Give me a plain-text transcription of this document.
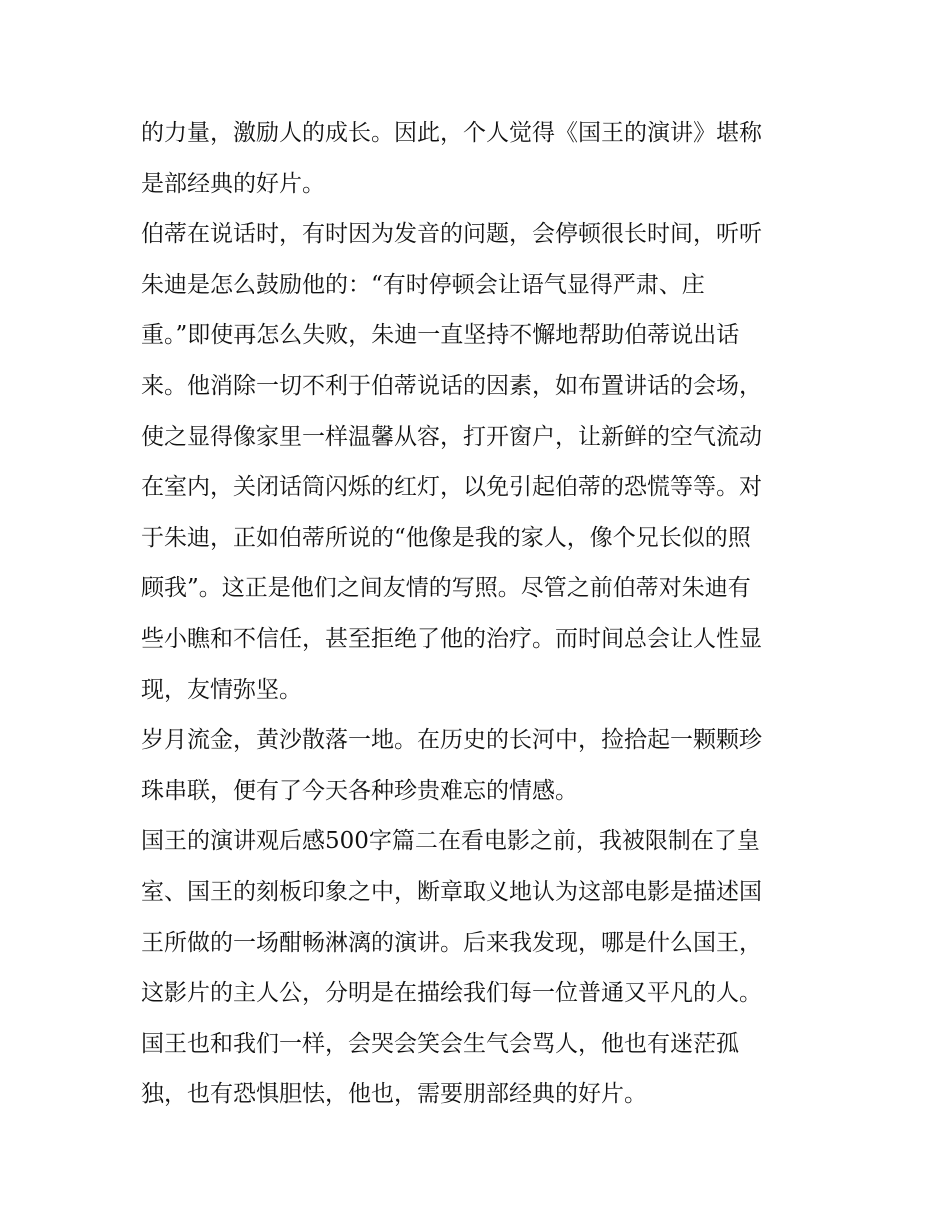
的力量，激励人的成长。因此，个人觉得《国王的演讲》堪称
是部经典的好片。
伯蒂在说话时，有时因为发音的问题，会停顿很长时间，听听
朱迪是怎么鼓励他的：“有时停顿会让语气显得严肃、庄
重。”即使再怎么失败，朱迪一直坚持不懈地帮助伯蒂说出话
来。他消除一切不利于伯蒂说话的因素，如布置讲话的会场，
使之显得像家里一样温馨从容，打开窗户，让新鲜的空气流动
在室内，关闭话筒闪烁的红灯，以免引起伯蒂的恐慌等等。对
于朱迪，正如伯蒂所说的“他像是我的家人，像个兄长似的照
顾我”。这正是他们之间友情的写照。尽管之前伯蒂对朱迪有
些小瞧和不信任，甚至拒绝了他的治疗。而时间总会让人性显
现，友情弥坚。
岁月流金，黄沙散落一地。在历史的长河中，捡拾起一颗颗珍
珠串联，便有了今天各种珍贵难忘的情感。
国王的演讲观后感500字篇二在看电影之前，我被限制在了皇
室、国王的刻板印象之中，断章取义地认为这部电影是描述国
王所做的一场酣畅淋漓的演讲。后来我发现，哪是什么国王，
这影片的主人公，分明是在描绘我们每一位普通又平凡的人。
国王也和我们一样，会哭会笑会生气会骂人，他也有迷茫孤
独，也有恐惧胆怯，他也，需要朋部经典的好片。
